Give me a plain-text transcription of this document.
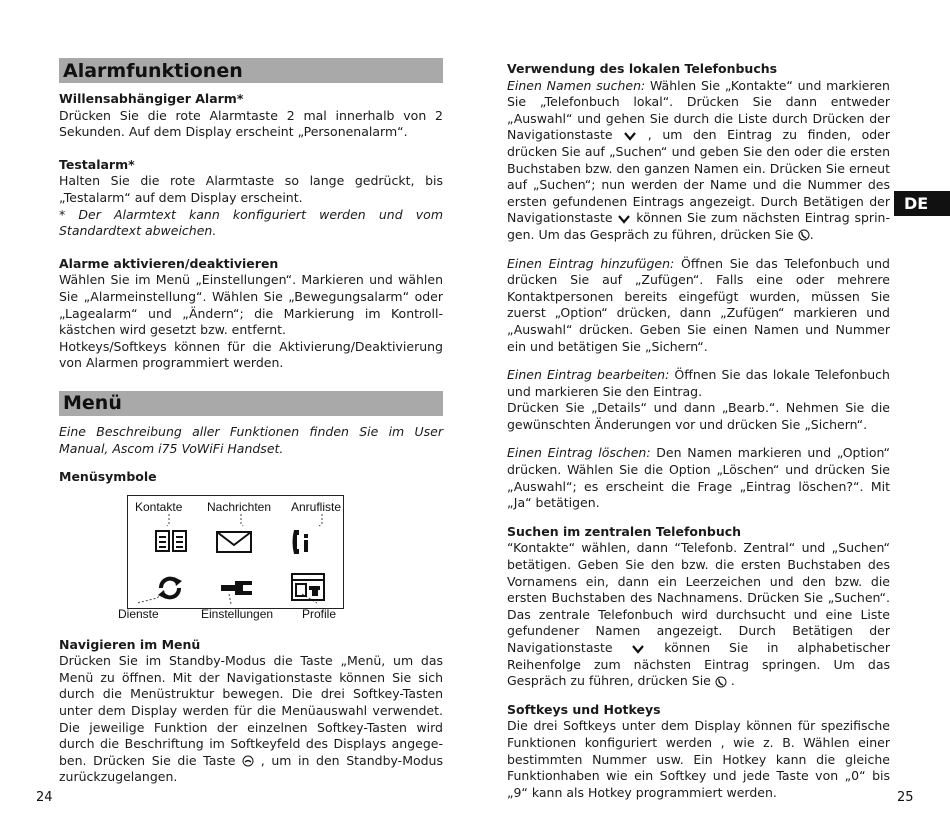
Alarmfunktionen
Willensabhängiger Alarm*

Drücken Sie die rote Alarmtaste 2 mal innerhalb von 2 Sekunden. Auf dem Display erscheint „Personenalarm“.

Testalarm*

Halten Sie die rote Alarmtaste so lange gedrückt, bis „Testalarm“ auf dem Display erscheint.

* Der Alarmtext kann konfiguriert werden und vom Standardtext abweichen.

Alarme aktivieren/deaktivieren

Wählen Sie im Menü „Einstellungen“. Markieren und wählen Sie „Alarmeinstellung“. Wählen Sie „Bewegungsalarm“ oder „Lagealarm“ und „Ändern“; die Markierung im Kontrollkästchen wird gesetzt bzw. entfernt.

Hotkeys/Softkeys können für die Aktivierung/Deaktivierung von Alarmen programmiert werden.

Menü

Eine Beschreibung aller Funktionen finden Sie im User Manual, Ascom i75 VoWiFi Handset.

Menüsymbole
Kontakte Nachrichten Anrufliste
Dienste	Einstellungen Profile
Navigieren im Menü

Drücken Sie im Standby-Modus die Taste „Menü, um das Menü zu öffnen. Mit der Navigationstaste können Sie sich durch die Menüstruktur bewegen. Die drei Softkey-Tasten unter dem Display werden für die Menüauswahl verwendet. Die jeweilige Funktion der einzelnen Softkey-Tasten wird durch die Beschriftung im Softkeyfeld des Displays angegeben. Drücken Sie die Taste , um in den Standby-Modus zurückzugelangen.

Verwendung des lokalen Telefonbuchs

Einen Namen suchen: Wählen Sie „Kontakte“ und markieren Sie „Telefonbuch lokal“. Drücken Sie dann entweder „Auswahl“ und gehen Sie durch die Liste durch Drücken der Navigationstaste	, um den Eintrag zu finden, oder drücken Sie auf „Suchen“ und geben Sie den oder die ersten Buchstaben bzw. den ganzen Namen ein. Drücken Sie erneut auf „Suchen“; nun werden der Name und die Nummer des ersten gefundenen Eintrags angezeigt. Durch Betätigen der Navigationstaste können Sie zum nächsten Eintrag springen. Um das Gespräch zu führen, drücken Sie .

Einen Eintrag hinzufügen: Öffnen Sie das Telefonbuch und drücken Sie auf „Zufügen“. Falls eine oder mehrere Kontaktpersonen bereits eingefügt wurden, müssen Sie zuerst „Option“ drücken, dann „Zufügen“ markieren und „Auswahl“ drücken. Geben Sie einen Namen und Nummer ein und betätigen Sie „Sichern“.

Einen Eintrag bearbeiten: Öffnen Sie das lokale Telefonbuch und markieren Sie den Eintrag.

Drücken Sie „Details“ und dann „Bearb.“. Nehmen Sie die gewünschten Änderungen vor und drücken Sie „Sichern“.

Einen Eintrag löschen: Den Namen markieren und „Option“ drücken. Wählen Sie die Option „Löschen“ und drücken Sie „Auswahl“; es erscheint die Frage „Eintrag löschen?“. Mit „Ja“ betätigen.

Suchen im zentralen Telefonbuch

“Kontakte“ wählen, dann “Telefonb. Zentral“ und „Suchen“ betätigen. Geben Sie den bzw. die ersten Buchstaben des Vornamens ein, dann ein Leerzeichen und den bzw. die ersten Buchstaben des Nachnamens. Drücken Sie „Suchen“. Das zentrale Telefonbuch wird durchsucht und eine Liste gefundener Namen angezeigt. Durch Betätigen der Navigationstaste	können Sie in alphabetischer Reihenfolge zum nächsten Eintrag springen. Um das Gespräch zu führen, drücken Sie .

Softkeys und Hotkeys

Die drei Softkeys unter dem Display können für spezifische Funktionen konfiguriert werden , wie z. B. Wählen einer bestimmten Nummer usw. Ein Hotkey kann die gleiche Funktionhaben wie ein Softkey und jede Taste von „0“ bis „9“ kann als Hotkey programmiert werden.

DE
24	25
